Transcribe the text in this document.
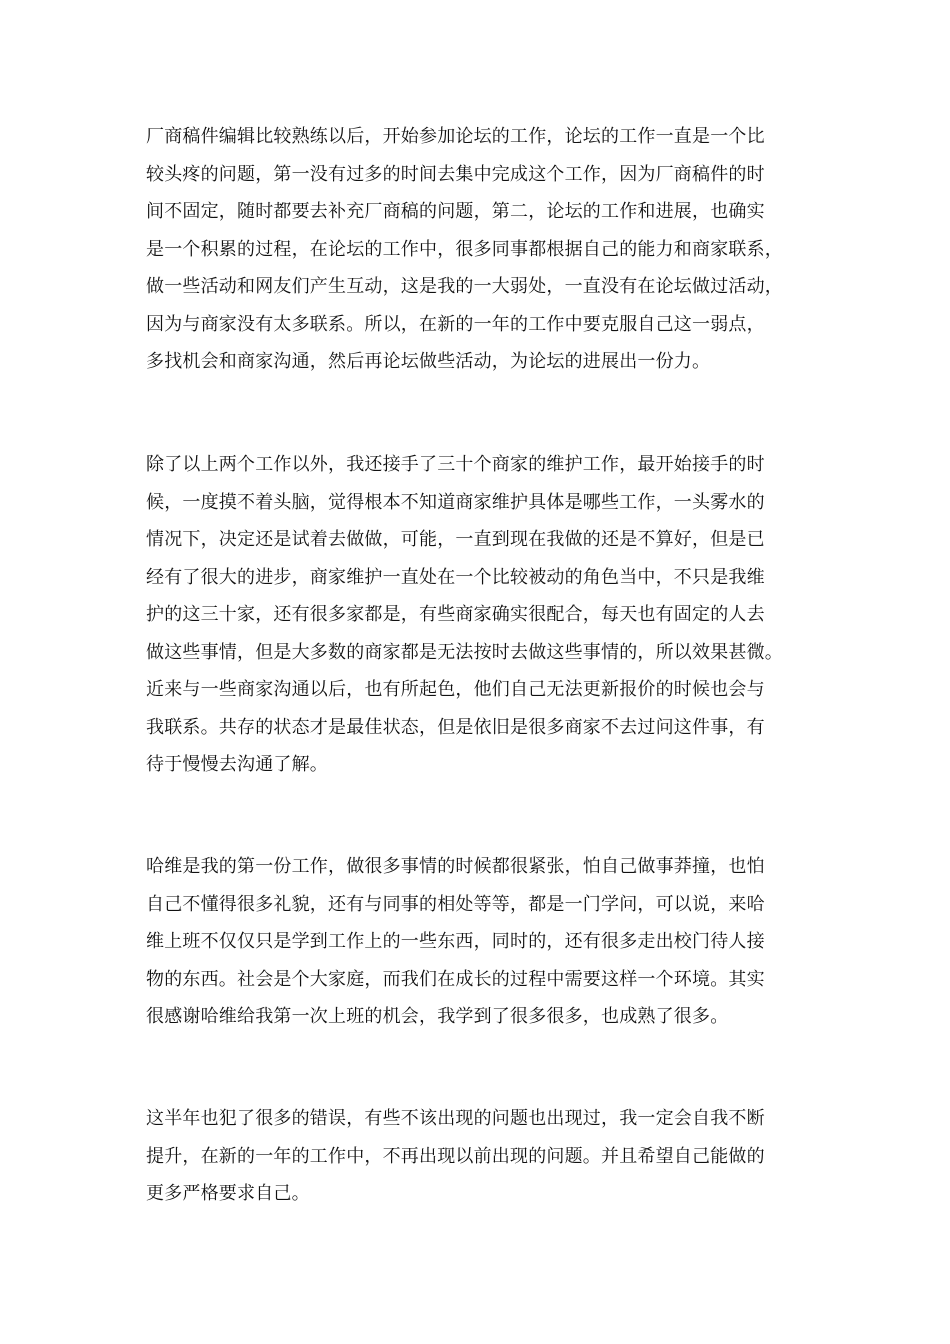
厂商稿件编辑比较熟练以后，开始参加论坛的工作，论坛的工作一直是一个比
较头疼的问题，第一没有过多的时间去集中完成这个工作，因为厂商稿件的时
间不固定，随时都要去补充厂商稿的问题，第二，论坛的工作和进展，也确实
是一个积累的过程，在论坛的工作中，很多同事都根据自己的能力和商家联系，
做一些活动和网友们产生互动，这是我的一大弱处，一直没有在论坛做过活动，
因为与商家没有太多联系。所以，在新的一年的工作中要克服自己这一弱点，
多找机会和商家沟通，然后再论坛做些活动，为论坛的进展出一份力。
除了以上两个工作以外，我还接手了三十个商家的维护工作，最开始接手的时
候，一度摸不着头脑，觉得根本不知道商家维护具体是哪些工作，一头雾水的
情况下，决定还是试着去做做，可能，一直到现在我做的还是不算好，但是已
经有了很大的进步，商家维护一直处在一个比较被动的角色当中，不只是我维
护的这三十家，还有很多家都是，有些商家确实很配合，每天也有固定的人去
做这些事情，但是大多数的商家都是无法按时去做这些事情的，所以效果甚微。
近来与一些商家沟通以后，也有所起色，他们自己无法更新报价的时候也会与
我联系。共存的状态才是最佳状态，但是依旧是很多商家不去过问这件事，有
待于慢慢去沟通了解。
哈维是我的第一份工作，做很多事情的时候都很紧张，怕自己做事莽撞，也怕
自己不懂得很多礼貌，还有与同事的相处等等，都是一门学问，可以说，来哈
维上班不仅仅只是学到工作上的一些东西，同时的，还有很多走出校门待人接
物的东西。社会是个大家庭，而我们在成长的过程中需要这样一个环境。其实
很感谢哈维给我第一次上班的机会，我学到了很多很多，也成熟了很多。
这半年也犯了很多的错误，有些不该出现的问题也出现过，我一定会自我不断
提升，在新的一年的工作中，不再出现以前出现的问题。并且希望自己能做的
更多严格要求自己。
